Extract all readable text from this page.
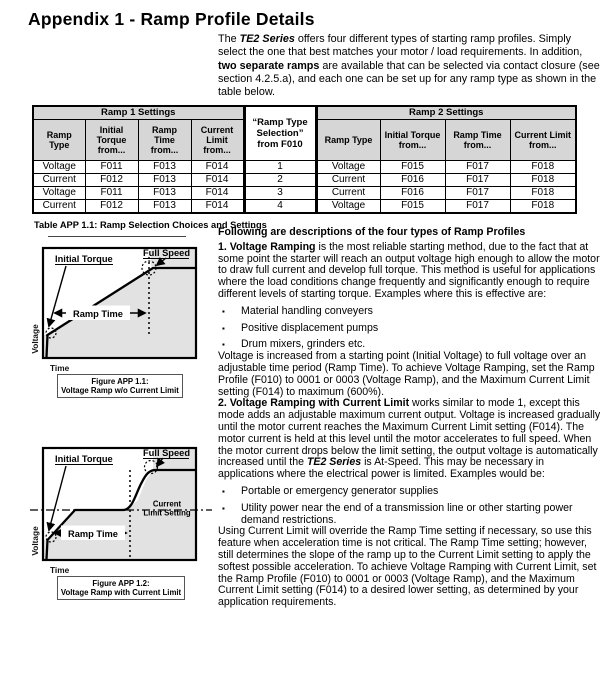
Appendix 1 - Ramp Profile Details
The TE2 Series offers four different types of starting ramp profiles. Simply select the one that best matches your motor / load requirements. In addition, two separate ramps are available that can be selected via contact closure (see section 4.2.5.a), and each one can be set up for any ramp type as shown in the table below.
Ramp 1 Settings				“Ramp Type
Selection”
from F010	Ramp 2 Settings			
Ramp Type	Initial Torque from...	Ramp Time from...	Current Limit from...		Ramp Type	Initial Torque from...	Ramp Time from...	Current Limit from...
Voltage	F011	F013	F014	1	Voltage	F015	F017	F018
Current	F012	F013	F014	2	Current	F016	F017	F018
Voltage	F011	F013	F014	3	Current	F016	F017	F018
Current	F012	F013	F014	4	Voltage	F015	F017	F018
Table APP 1.1: Ramp Selection Choices and Settings
Ramp Time
Initial Torque
Full Speed
Voltage
Time
Figure APP 1.1:
Voltage Ramp w/o Current Limit
Ramp Time
Initial Torque
Full Speed
Current
Limit Setting
Voltage
Time
Figure APP 1.2:
Voltage Ramp with Current Limit
Following are descriptions of the four types of Ramp Profiles

1. Voltage Ramping is the most reliable starting method, due to the fact that at some point the starter will reach an output voltage high enough to allow the motor to draw full current and develop full torque. This method is useful for applications where the load conditions change frequently and significantly enough to require different levels of starting torque. Examples where this is effective are:

▪	Material handling conveyers
▪	Positive displacement pumps
▪	Drum mixers, grinders etc.

Voltage is increased from a starting point (Initial Voltage) to full voltage over an adjustable time period (Ramp Time). To achieve Voltage Ramping, set the Ramp Profile (F010) to 0001 or 0003 (Voltage Ramp), and the Maximum Current Limit setting (F014) to maximum (600%).

2. Voltage Ramping with Current Limit works similar to mode 1, except this mode adds an adjustable maximum current output. Voltage is increased gradually until the motor current reaches the Maximum Current Limit setting (F014). The motor current is held at this level until the motor accelerates to full speed. When the motor current drops below the limit setting, the output voltage is automatically increased until the TE2 Series is At-Speed. This may be necessary in applications where the electrical power is limited. Examples would be:

▪	Portable or emergency generator supplies
▪	Utility power near the end of a transmission line or other starting power demand restrictions.

Using Current Limit will override the Ramp Time setting if necessary, so use this feature when acceleration time is not critical. The Ramp Time setting; however, still determines the slope of the ramp up to the Current Limit setting to apply the softest possible acceleration. To achieve Voltage Ramping with Current Limit, set the Ramp Profile (F010) to 0001 or 0003 (Voltage Ramp), and the Maximum Current Limit setting (F014) to a desired lower setting, as determined by your application requirements.
